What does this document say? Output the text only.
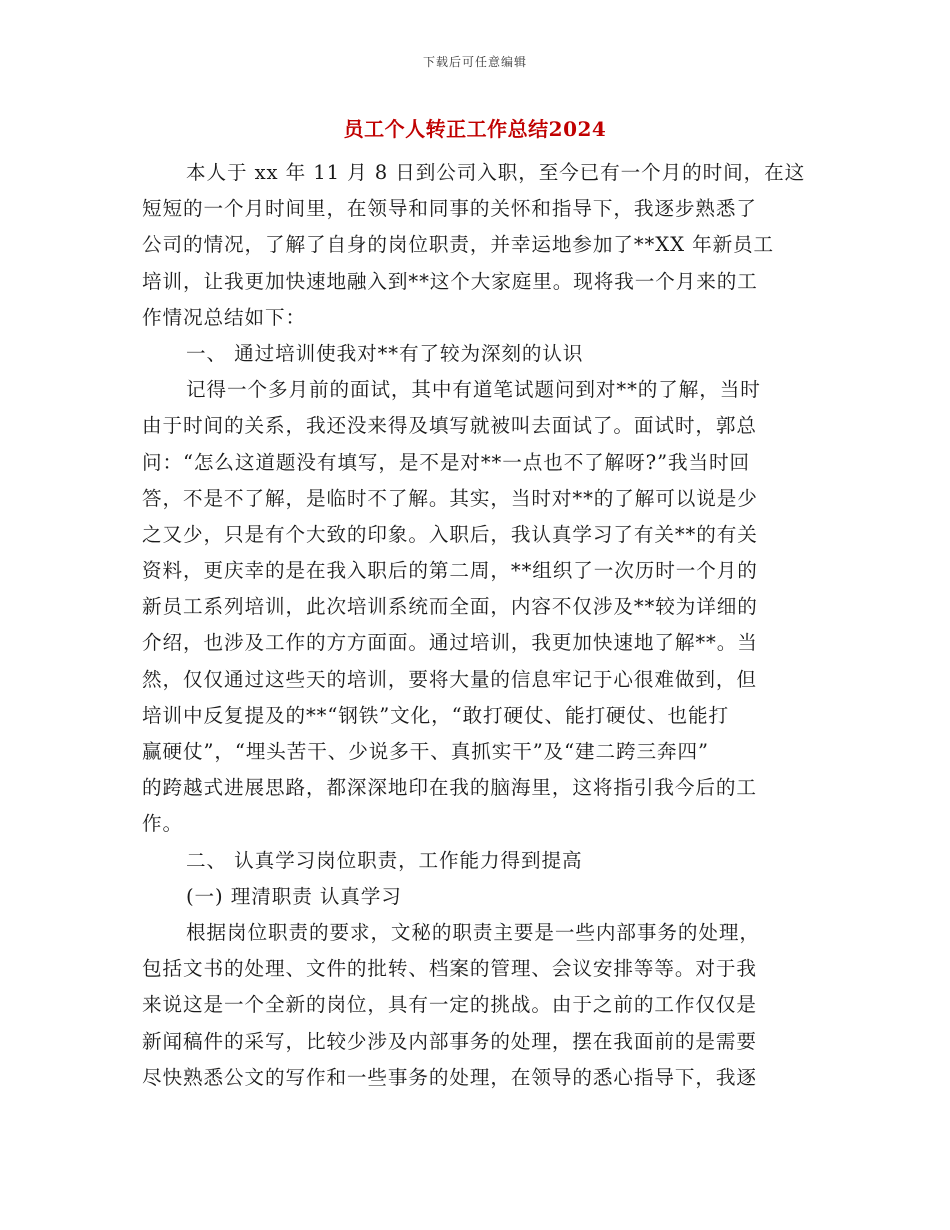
下载后可任意编辑
员工个人转正工作总结2024
本人于 xx 年 11 月 8 日到公司入职，至今已有一个月的时间，在这
短短的一个月时间里，在领导和同事的关怀和指导下，我逐步熟悉了
公司的情况，了解了自身的岗位职责，并幸运地参加了**XX 年新员工
培训，让我更加快速地融入到**这个大家庭里。现将我一个月来的工
作情况总结如下：
一、 通过培训使我对**有了较为深刻的认识
记得一个多月前的面试，其中有道笔试题问到对**的了解，当时
由于时间的关系，我还没来得及填写就被叫去面试了。面试时，郭总
问：“怎么这道题没有填写，是不是对**一点也不了解呀?”我当时回
答，不是不了解，是临时不了解。其实，当时对**的了解可以说是少
之又少，只是有个大致的印象。入职后，我认真学习了有关**的有关
资料，更庆幸的是在我入职后的第二周，**组织了一次历时一个月的
新员工系列培训，此次培训系统而全面，内容不仅涉及**较为详细的
介绍，也涉及工作的方方面面。通过培训，我更加快速地了解**。当
然，仅仅通过这些天的培训，要将大量的信息牢记于心很难做到，但
培训中反复提及的**“钢铁”文化，“敢打硬仗、能打硬仗、也能打
赢硬仗”，“埋头苦干、少说多干、真抓实干”及“建二跨三奔四”
的跨越式进展思路，都深深地印在我的脑海里，这将指引我今后的工
作。
二、 认真学习岗位职责，工作能力得到提高
(一) 理清职责 认真学习
根据岗位职责的要求，文秘的职责主要是一些内部事务的处理，
包括文书的处理、文件的批转、档案的管理、会议安排等等。对于我
来说这是一个全新的岗位，具有一定的挑战。由于之前的工作仅仅是
新闻稿件的采写，比较少涉及内部事务的处理，摆在我面前的是需要
尽快熟悉公文的写作和一些事务的处理，在领导的悉心指导下，我逐
